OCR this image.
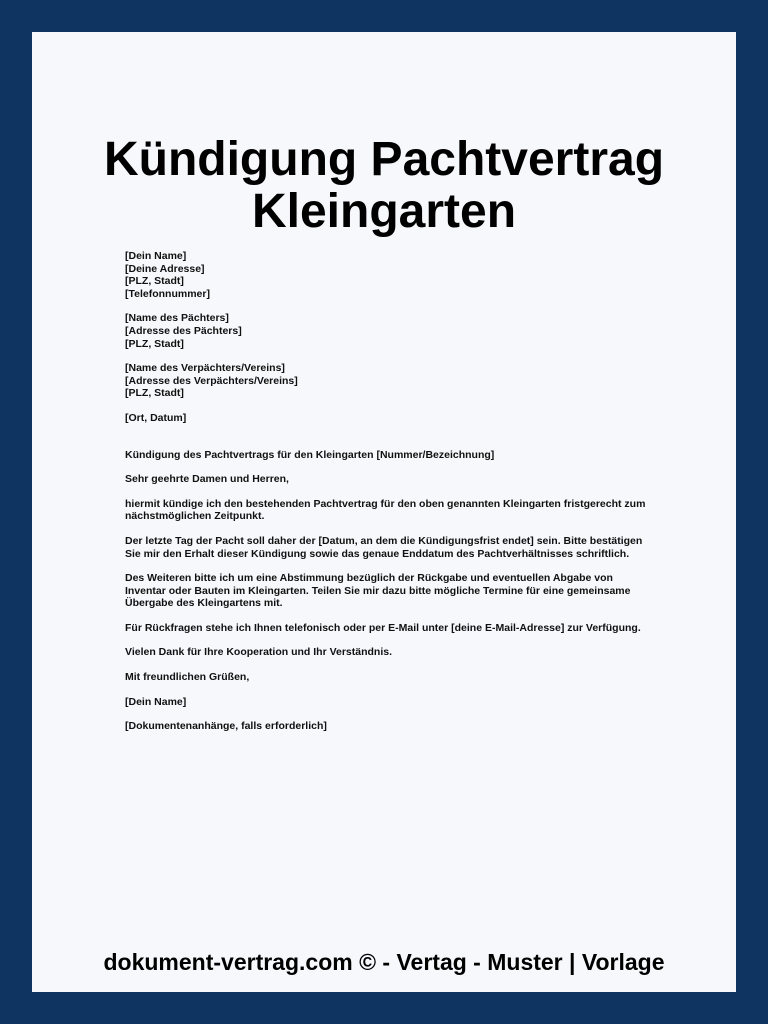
Kündigung Pachtvertrag
Kleingarten
[Dein Name]
[Deine Adresse]
[PLZ, Stadt]
[Telefonnummer]
[Name des Pächters]
[Adresse des Pächters]
[PLZ, Stadt]
[Name des Verpächters/Vereins]
[Adresse des Verpächters/Vereins]
[PLZ, Stadt]
[Ort, Datum]
Kündigung des Pachtvertrags für den Kleingarten [Nummer/Bezeichnung]
Sehr geehrte Damen und Herren,
hiermit kündige ich den bestehenden Pachtvertrag für den oben genannten Kleingarten fristgerecht zum nächstmöglichen Zeitpunkt.
Der letzte Tag der Pacht soll daher der [Datum, an dem die Kündigungsfrist endet] sein. Bitte bestätigen Sie mir den Erhalt dieser Kündigung sowie das genaue Enddatum des Pachtverhältnisses schriftlich.
Des Weiteren bitte ich um eine Abstimmung bezüglich der Rückgabe und eventuellen Abgabe von Inventar oder Bauten im Kleingarten. Teilen Sie mir dazu bitte mögliche Termine für eine gemeinsame Übergabe des Kleingartens mit.
Für Rückfragen stehe ich Ihnen telefonisch oder per E-Mail unter [deine E-Mail-Adresse] zur Verfügung.
Vielen Dank für Ihre Kooperation und Ihr Verständnis.
Mit freundlichen Grüßen,
[Dein Name]
[Dokumentenanhänge, falls erforderlich]
dokument-vertrag.com © - Vertag - Muster | Vorlage
